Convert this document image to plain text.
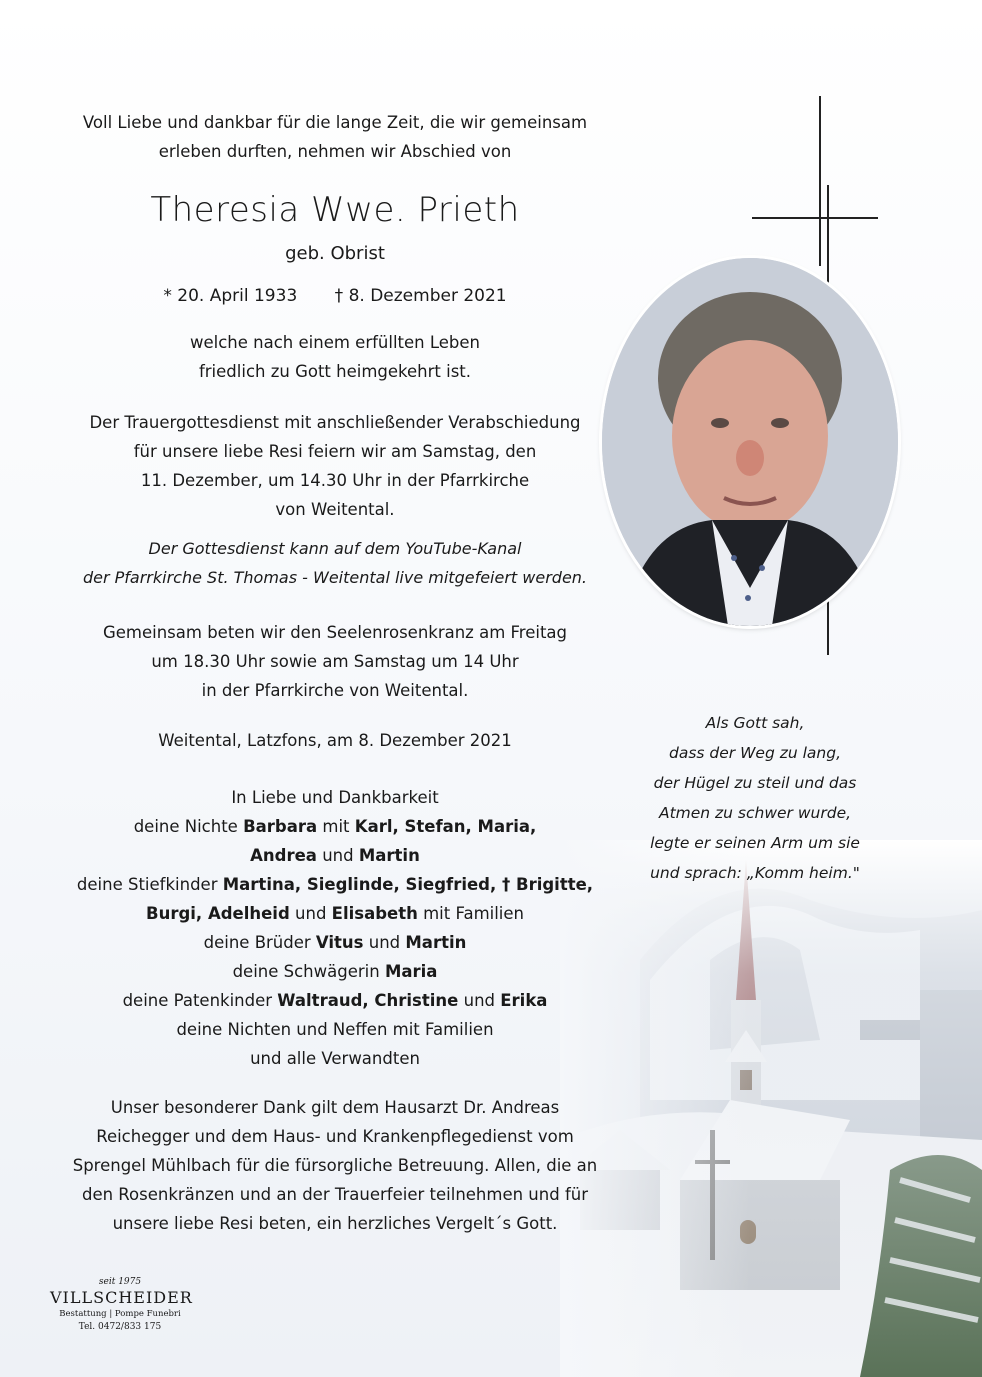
Voll Liebe und dankbar für die lange Zeit, die wir gemeinsam
erleben durften, nehmen wir Abschied von
Theresia Wwe. Prieth
geb. Obrist
* 20. April 1933 † 8. Dezember 2021
welche nach einem erfüllten Leben
friedlich zu Gott heimgekehrt ist.
Der Trauergottesdienst mit anschließender Verabschiedung
für unsere liebe Resi feiern wir am Samstag, den
11. Dezember, um 14.30 Uhr in der Pfarrkirche
von Weitental.
Der Gottesdienst kann auf dem YouTube-Kanal
der Pfarrkirche St. Thomas - Weitental live mitgefeiert werden.
Gemeinsam beten wir den Seelenrosenkranz am Freitag
um 18.30 Uhr sowie am Samstag um 14 Uhr
in der Pfarrkirche von Weitental.
Weitental, Latzfons, am 8. Dezember 2021
In Liebe und Dankbarkeit
deine Nichte Barbara mit Karl, Stefan, Maria,
Andrea und Martin
deine Stiefkinder Martina, Sieglinde, Siegfried, † Brigitte,
Burgi, Adelheid und Elisabeth mit Familien
deine Brüder Vitus und Martin
deine Schwägerin Maria
deine Patenkinder Waltraud, Christine und Erika
deine Nichten und Neffen mit Familien
und alle Verwandten
Unser besonderer Dank gilt dem Hausarzt Dr. Andreas
Reichegger und dem Haus- und Krankenpflegedienst vom
Sprengel Mühlbach für die fürsorgliche Betreuung. Allen, die an
den Rosenkränzen und an der Trauerfeier teilnehmen und für
unsere liebe Resi beten, ein herzliches Vergelt´s Gott.
Als Gott sah,
dass der Weg zu lang,
der Hügel zu steil und das
Atmen zu schwer wurde,
legte er seinen Arm um sie
und sprach: „Komm heim."
seit 1975
VILLSCHEIDER
Bestattung | Pompe Funebri
Tel. 0472/833 175
